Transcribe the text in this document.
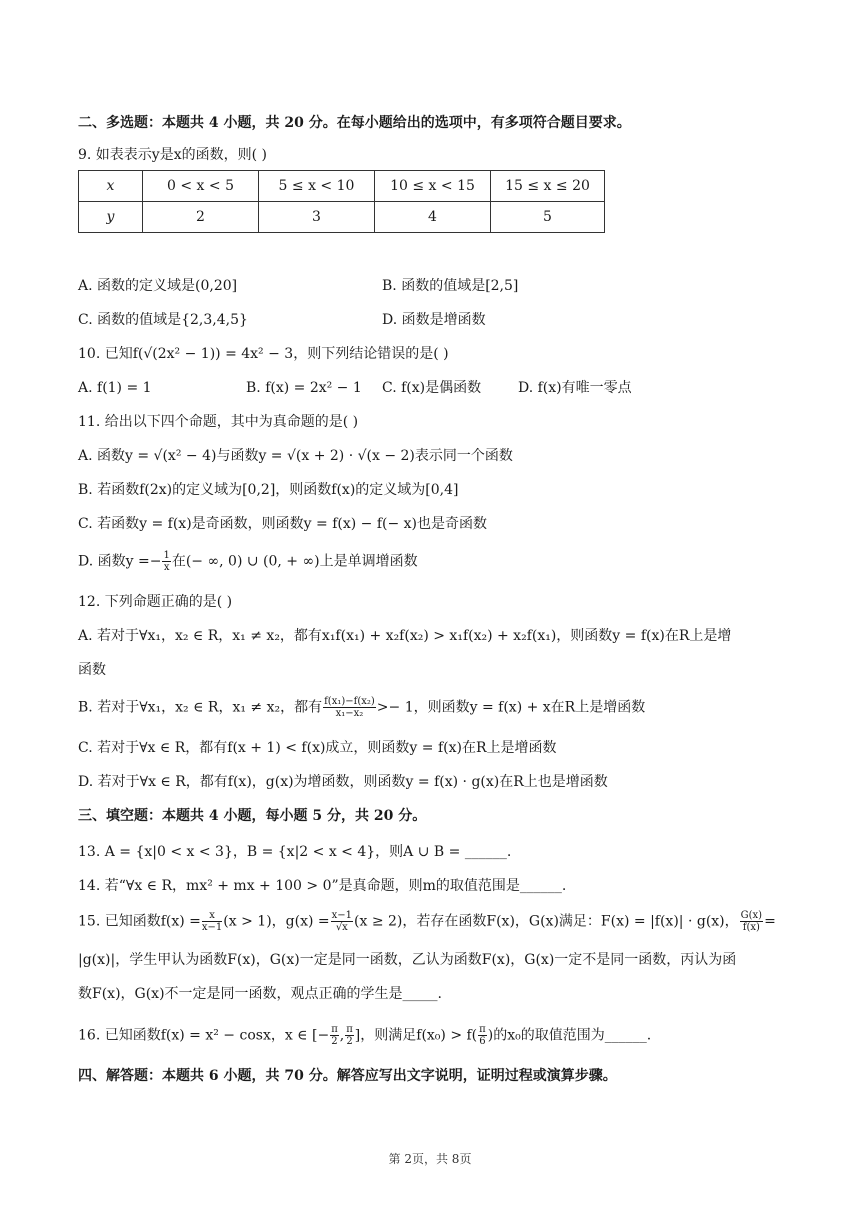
二、多选题：本题共 4 小题，共 20 分。在每小题给出的选项中，有多项符合题目要求。
9. 如表表示y是x的函数，则( )
x	0 < x < 5	5 ≤ x < 10	10 ≤ x < 15	15 ≤ x ≤ 20
y	2	3	4	5
A. 函数的定义域是(0,20]	B. 函数的值域是[2,5]
C. 函数的值域是{2,3,4,5}	D. 函数是增函数
10. 已知f(√(2x² − 1)) = 4x² − 3，则下列结论错误的是( )
A. f(1) = 1	B. f(x) = 2x² − 1 C. f(x)是偶函数	D. f(x)有唯一零点
11. 给出以下四个命题，其中为真命题的是( )
A. 函数y = √(x² − 4)与函数y = √(x + 2) · √(x − 2)表示同一个函数
B. 若函数f(2x)的定义域为[0,2]，则函数f(x)的定义域为[0,4]
C. 若函数y = f(x)是奇函数，则函数y = f(x) − f(− x)也是奇函数
D. 函数$y =- \frac{1}{x}$ 在(− ∞, 0) ∪ (0, + ∞)上是单调增函数
12. 下列命题正确的是( )
A. 若对于∀x₁，x₂ ∈ R，x₁ ≠ x₂，都有x₁f(x₁) + x₂f(x₂) > x₁f(x₂) + x₂f(x₁)，则函数y = f(x)在R上是增
函数
B. 若对于∀x₁，x₂ ∈ R，x₁ ≠ x₂，都有 $\frac{\text{f(x₁)−f(x₂)}}{\text{x₁−x₂}} >- 1$，则函数y = f(x) + x在R上是增函数
C. 若对于∀x ∈ R，都有f(x + 1) < f(x)成立，则函数y = f(x)在R上是增函数
D. 若对于∀x ∈ R，都有f(x)，g(x)为增函数，则函数y = f(x) · g(x)在R上也是增函数
三、填空题：本题共 4 小题，每小题 5 分，共 20 分。
13. A = {x|0 < x < 3}，B = {x|2 < x < 4}，则A ∪ B = ______.
14. 若“∀x ∈ R，mx² + mx + 100 > 0”是真命题，则m的取值范围是______.
15. 已知函数$f(x) = \frac{x}{x-1} (x > 1)$，$g(x) = \frac{x-1}{√x} (x \ge 2)$，若存在函数F(x)，G(x)满足：F(x) = |f(x)| · g(x)， $\frac{G(x)}{f(x)}$ =
|g(x)|，学生甲认为函数F(x)，G(x)一定是同一函数，乙认为函数F(x)，G(x)一定不是同一函数，丙认为函
数F(x)，G(x)不一定是同一函数，观点正确的学生是_____.
16. 已知函数f(x) = x² − cosx，x ∈ [− $\frac{\pi}{2}$ , $\frac{\pi}{2}$ ]，则满足$f(x_0) > f( \frac{\pi}{6}$ )的x₀的取值范围为______.
四、解答题：本题共 6 小题，共 70 分。解答应写出文字说明，证明过程或演算步骤。
第 2页，共 8页
